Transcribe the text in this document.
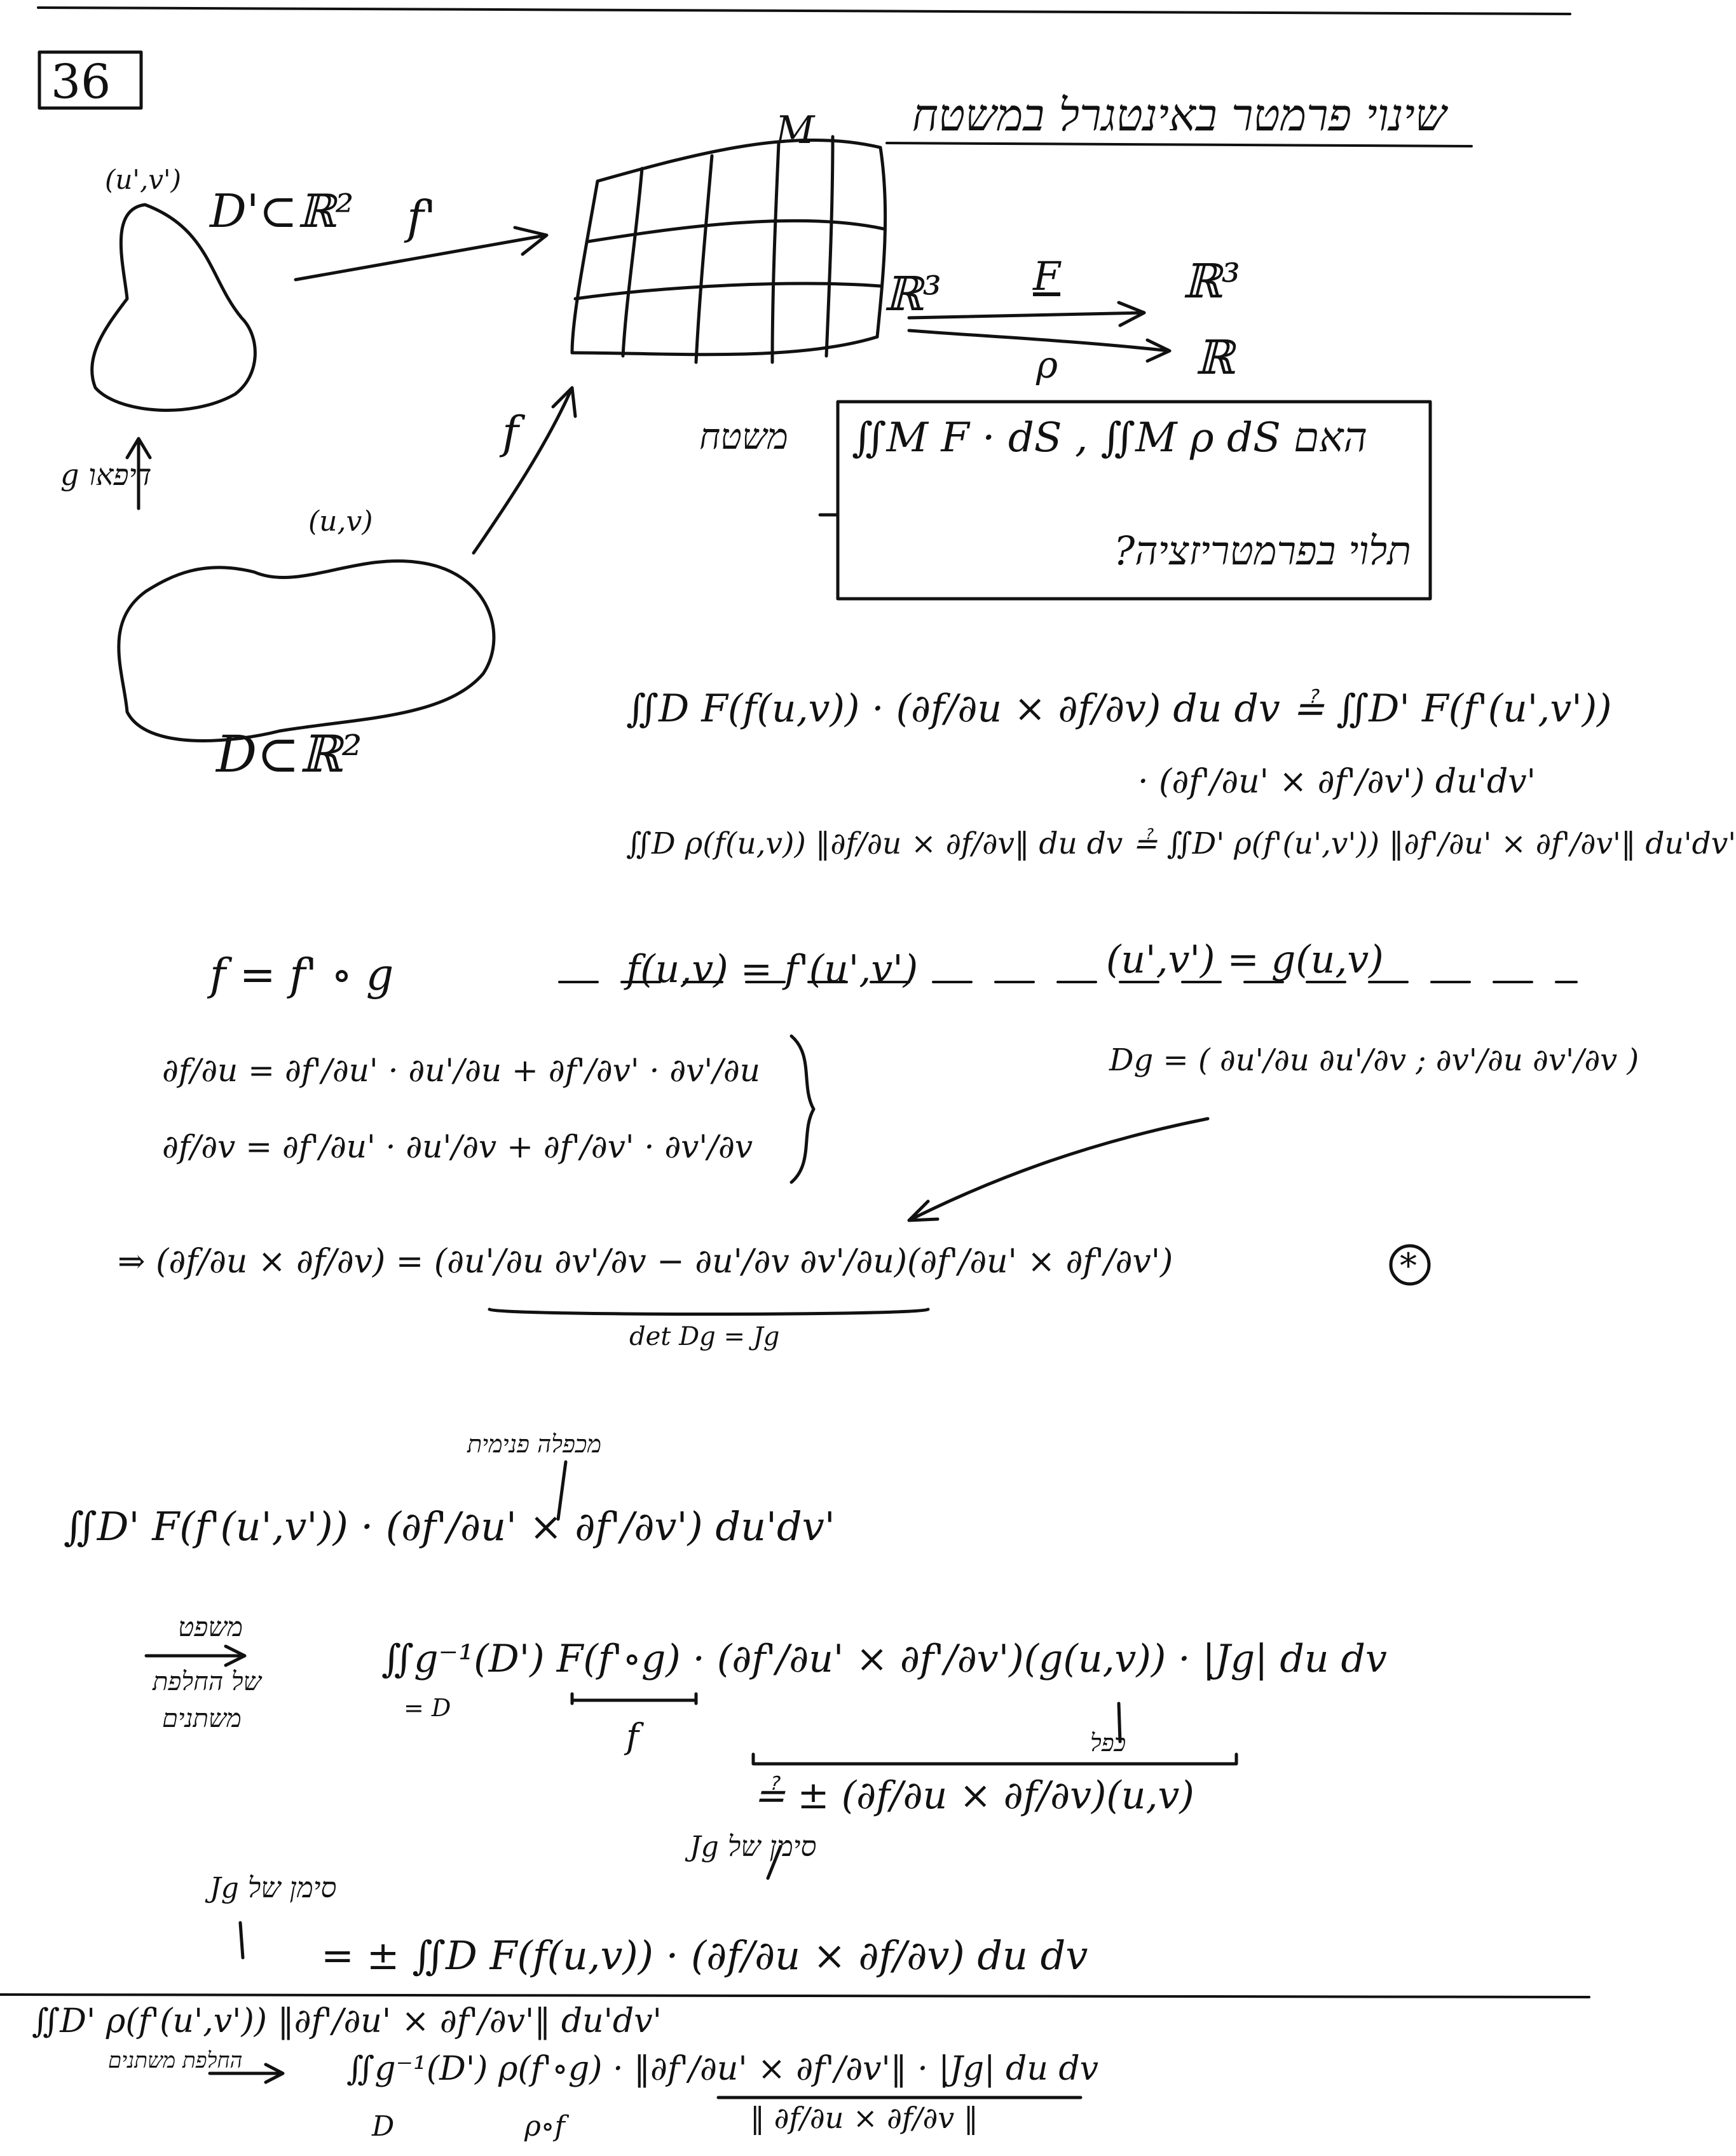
36
שינוי פרמטר באינטגרל במשטח
M
(u',v')
D'⊂ℝ² f'
ℝ³ F	ℝ³
ρ	ℝ
f	משטח
g דיפאו
(u,v)
D⊂ℝ²
∬M F · dS , ∬M ρ dS האם
תלוי בפרמטריזציה?
∬D F(f(u,v)) · (∂f/∂u × ∂f/∂v) du dv ≟ ∬D' F(f'(u',v'))
· (∂f'/∂u' × ∂f'/∂v') du'dv'
∬D ρ(f(u,v)) ‖∂f/∂u × ∂f/∂v‖ du dv ≟ ∬D' ρ(f'(u',v')) ‖∂f'/∂u' × ∂f'/∂v'‖ du'dv'
f = f' ∘ g	f(u,v) = f'(u',v')	(u',v') = g(u,v)
Dg = ( ∂u'/∂u ∂u'/∂v ; ∂v'/∂u ∂v'/∂v )
∂f/∂u = ∂f'/∂u' · ∂u'/∂u + ∂f'/∂v' · ∂v'/∂u
∂f/∂v = ∂f'/∂u' · ∂u'/∂v + ∂f'/∂v' · ∂v'/∂v
⇒ (∂f/∂u × ∂f/∂v) = (∂u'/∂u ∂v'/∂v − ∂u'/∂v ∂v'/∂u)(∂f'/∂u' × ∂f'/∂v')	*
det Dg = Jg
מכפלה פנימית
∬D' F(f'(u',v')) · (∂f'/∂u' × ∂f'/∂v') du'dv'
משפט
של החלפת
משתנים
∬g⁻¹(D') F(f'∘g) · (∂f'/∂u' × ∂f'/∂v')(g(u,v)) · |Jg| du dv
= D
f	כפל
≟ ± (∂f/∂u × ∂f/∂v)(u,v)
Jg סימן של
Jg סימן של
= ± ∬D F(f(u,v)) · (∂f/∂u × ∂f/∂v) du dv
∬D' ρ(f'(u',v')) ‖∂f'/∂u' × ∂f'/∂v'‖ du'dv'
החלפת משתנים	∬g⁻¹(D') ρ(f'∘g) · ‖∂f'/∂u' × ∂f'/∂v'‖ · |Jg| du dv
D	ρ∘f	‖ ∂f/∂u × ∂f/∂v ‖
